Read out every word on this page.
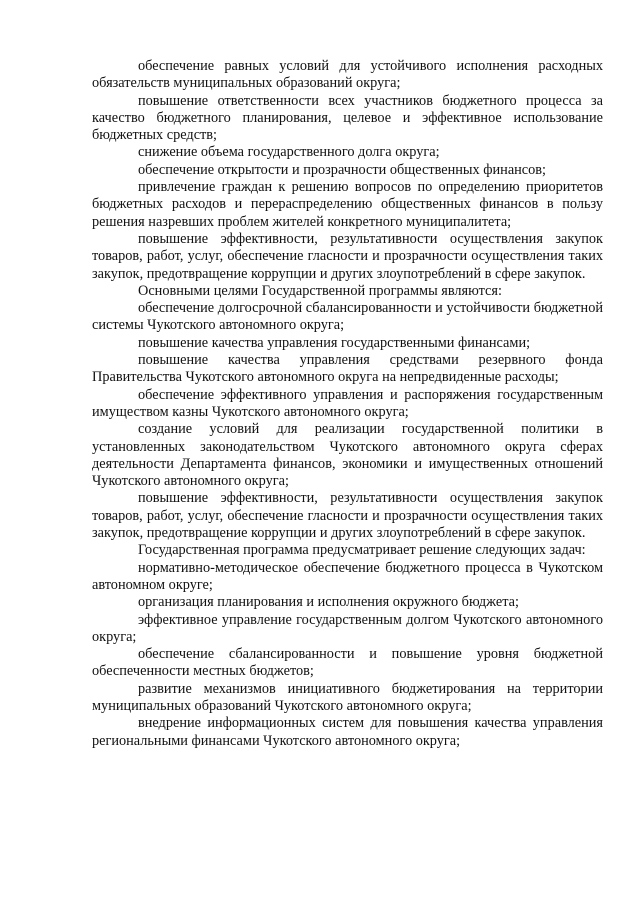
обеспечение равных условий для устойчивого исполнения расходных обязательств муниципальных образований округа;

повышение ответственности всех участников бюджетного процесса за качество бюджетного планирования, целевое и эффективное использование бюджетных средств;

снижение объема государственного долга округа;

обеспечение открытости и прозрачности общественных финансов;

привлечение граждан к решению вопросов по определению приоритетов бюджетных расходов и перераспределению общественных финансов в пользу решения назревших проблем жителей конкретного муниципалитета;

повышение эффективности, результативности осуществления закупок товаров, работ, услуг, обеспечение гласности и прозрачности осуществления таких закупок, предотвращение коррупции и других злоупотреблений в сфере закупок.

Основными целями Государственной программы являются:

обеспечение долгосрочной сбалансированности и устойчивости бюджетной системы Чукотского автономного округа;

повышение качества управления государственными финансами;

повышение качества управления средствами резервного фонда Правительства Чукотского автономного округа на непредвиденные расходы;

обеспечение эффективного управления и распоряжения государственным имуществом казны Чукотского автономного округа;

создание условий для реализации государственной политики в установленных законодательством Чукотского автономного округа сферах деятельности Департамента финансов, экономики и имущественных отношений Чукотского автономного округа;

повышение эффективности, результативности осуществления закупок товаров, работ, услуг, обеспечение гласности и прозрачности осуществления таких закупок, предотвращение коррупции и других злоупотреблений в сфере закупок.

Государственная программа предусматривает решение следующих задач:

нормативно-методическое обеспечение бюджетного процесса в Чукотском автономном округе;

организация планирования и исполнения окружного бюджета;

эффективное управление государственным долгом Чукотского автономного округа;

обеспечение сбалансированности и повышение уровня бюджетной обеспеченности местных бюджетов;

развитие механизмов инициативного бюджетирования на территории муниципальных образований Чукотского автономного округа;

внедрение информационных систем для повышения качества управления региональными финансами Чукотского автономного округа;
